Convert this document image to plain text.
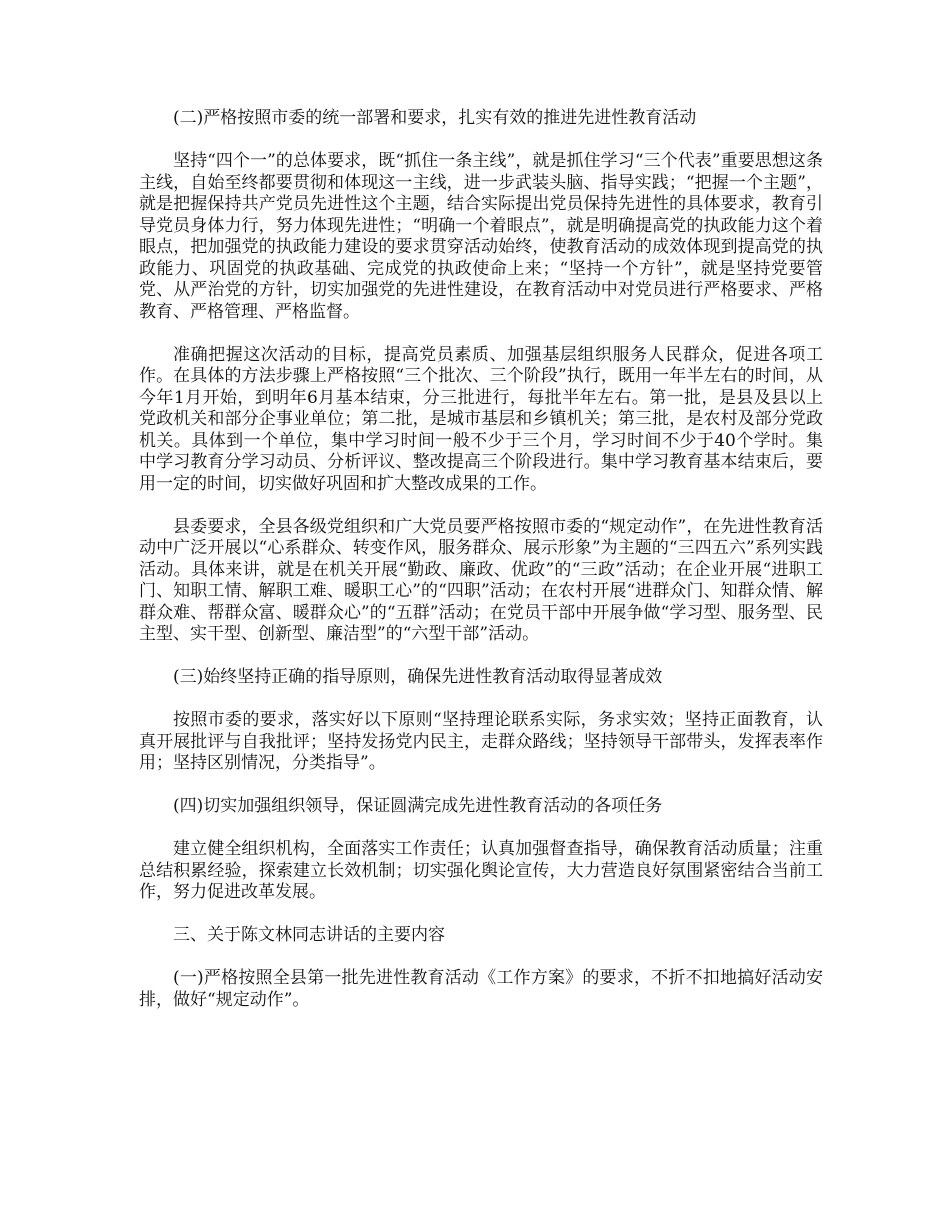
(二)严格按照市委的统一部署和要求，扎实有效的推进先进性教育活动

坚持“四个一”的总体要求，既“抓住一条主线”，就是抓住学习“三个代表”重要思想这条主线，自始至终都要贯彻和体现这一主线，进一步武装头脑、指导实践；“把握一个主题”，就是把握保持共产党员先进性这个主题，结合实际提出党员保持先进性的具体要求，教育引导党员身体力行，努力体现先进性；“明确一个着眼点”，就是明确提高党的执政能力这个着眼点，把加强党的执政能力建设的要求贯穿活动始终，使教育活动的成效体现到提高党的执政能力、巩固党的执政基础、完成党的执政使命上来；“坚持一个方针”，就是坚持党要管党、从严治党的方针，切实加强党的先进性建设，在教育活动中对党员进行严格要求、严格教育、严格管理、严格监督。

准确把握这次活动的目标，提高党员素质、加强基层组织服务人民群众，促进各项工作。在具体的方法步骤上严格按照“三个批次、三个阶段”执行，既用一年半左右的时间，从今年1月开始，到明年6月基本结束，分三批进行，每批半年左右。第一批，是县及县以上党政机关和部分企事业单位；第二批，是城市基层和乡镇机关；第三批，是农村及部分党政机关。具体到一个单位，集中学习时间一般不少于三个月，学习时间不少于40个学时。集中学习教育分学习动员、分析评议、整改提高三个阶段进行。集中学习教育基本结束后，要用一定的时间，切实做好巩固和扩大整改成果的工作。

县委要求，全县各级党组织和广大党员要严格按照市委的“规定动作”，在先进性教育活动中广泛开展以“心系群众、转变作风，服务群众、展示形象”为主题的“三四五六”系列实践活动。具体来讲，就是在机关开展“勤政、廉政、优政”的“三政”活动；在企业开展“进职工门、知职工情、解职工难、暖职工心”的“四职”活动；在农村开展“进群众门、知群众情、解群众难、帮群众富、暖群众心”的“五群”活动；在党员干部中开展争做“学习型、服务型、民主型、实干型、创新型、廉洁型”的“六型干部”活动。

(三)始终坚持正确的指导原则，确保先进性教育活动取得显著成效

按照市委的要求，落实好以下原则“坚持理论联系实际，务求实效；坚持正面教育，认真开展批评与自我批评；坚持发扬党内民主，走群众路线；坚持领导干部带头，发挥表率作用；坚持区别情况，分类指导”。

(四)切实加强组织领导，保证圆满完成先进性教育活动的各项任务

建立健全组织机构，全面落实工作责任；认真加强督查指导，确保教育活动质量；注重总结积累经验，探索建立长效机制；切实强化舆论宣传，大力营造良好氛围紧密结合当前工作，努力促进改革发展。

三、关于陈文林同志讲话的主要内容

(一)严格按照全县第一批先进性教育活动《工作方案》的要求，不折不扣地搞好活动安排，做好“规定动作”。
